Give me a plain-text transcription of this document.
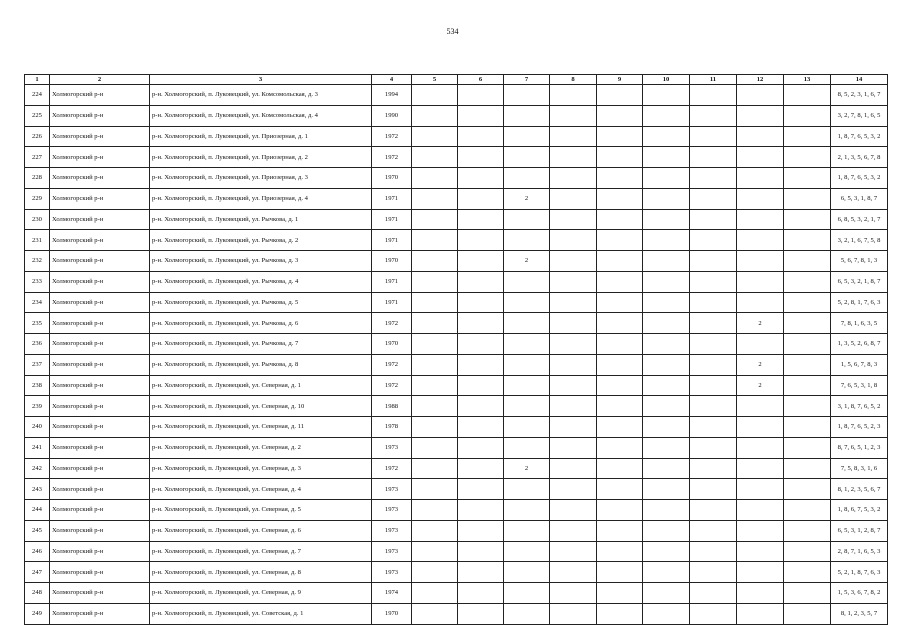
534
1	2	3	4	5	6	7	8	9	10	11	12	13	14
224	Холмогорский р-н	р-н. Холмогорский, п. Луковецкий, ул. Комсомольская, д. 3	1994										8, 5, 2, 3, 1, 6, 7
225	Холмогорский р-н	р-н. Холмогорский, п. Луковецкий, ул. Комсомольская, д. 4	1990										3, 2, 7, 8, 1, 6, 5
226	Холмогорский р-н	р-н. Холмогорский, п. Луковецкий, ул. Приозерная, д. 1	1972										1, 8, 7, 6, 5, 3, 2
227	Холмогорский р-н	р-н. Холмогорский, п. Луковецкий, ул. Приозерная, д. 2	1972										2, 1, 3, 5, 6, 7, 8
228	Холмогорский р-н	р-н. Холмогорский, п. Луковецкий, ул. Приозерная, д. 3	1970										1, 8, 7, 6, 5, 3, 2
229	Холмогорский р-н	р-н. Холмогорский, п. Луковецкий, ул. Приозерная, д. 4	1971			2							6, 5, 3, 1, 8, 7
230	Холмогорский р-н	р-н. Холмогорский, п. Луковецкий, ул. Рычкова, д. 1	1971										6, 8, 5, 3, 2, 1, 7
231	Холмогорский р-н	р-н. Холмогорский, п. Луковецкий, ул. Рычкова, д. 2	1971										3, 2, 1, 6, 7, 5, 8
232	Холмогорский р-н	р-н. Холмогорский, п. Луковецкий, ул. Рычкова, д. 3	1970			2							5, 6, 7, 8, 1, 3
233	Холмогорский р-н	р-н. Холмогорский, п. Луковецкий, ул. Рычкова, д. 4	1971										6, 5, 3, 2, 1, 8, 7
234	Холмогорский р-н	р-н. Холмогорский, п. Луковецкий, ул. Рычкова, д. 5	1971										5, 2, 8, 1, 7, 6, 3
235	Холмогорский р-н	р-н. Холмогорский, п. Луковецкий, ул. Рычкова, д. 6	1972								2		7, 8, 1, 6, 3, 5
236	Холмогорский р-н	р-н. Холмогорский, п. Луковецкий, ул. Рычкова, д. 7	1970										1, 3, 5, 2, 6, 8, 7
237	Холмогорский р-н	р-н. Холмогорский, п. Луковецкий, ул. Рычкова, д. 8	1972								2		1, 5, 6, 7, 8, 3
238	Холмогорский р-н	р-н. Холмогорский, п. Луковецкий, ул. Северная, д. 1	1972								2		7, 6, 5, 3, 1, 8
239	Холмогорский р-н	р-н. Холмогорский, п. Луковецкий, ул. Северная, д. 10	1988										3, 1, 8, 7, 6, 5, 2
240	Холмогорский р-н	р-н. Холмогорский, п. Луковецкий, ул. Северная, д. 11	1978										1, 8, 7, 6, 5, 2, 3
241	Холмогорский р-н	р-н. Холмогорский, п. Луковецкий, ул. Северная, д. 2	1973										8, 7, 6, 5, 1, 2, 3
242	Холмогорский р-н	р-н. Холмогорский, п. Луковецкий, ул. Северная, д. 3	1972			2							7, 5, 8, 3, 1, 6
243	Холмогорский р-н	р-н. Холмогорский, п. Луковецкий, ул. Северная, д. 4	1973										8, 1, 2, 3, 5, 6, 7
244	Холмогорский р-н	р-н. Холмогорский, п. Луковецкий, ул. Северная, д. 5	1973										1, 8, 6, 7, 5, 3, 2
245	Холмогорский р-н	р-н. Холмогорский, п. Луковецкий, ул. Северная, д. 6	1973										6, 5, 3, 1, 2, 8, 7
246	Холмогорский р-н	р-н. Холмогорский, п. Луковецкий, ул. Северная, д. 7	1973										2, 8, 7, 1, 6, 5, 3
247	Холмогорский р-н	р-н. Холмогорский, п. Луковецкий, ул. Северная, д. 8	1973										5, 2, 1, 8, 7, 6, 3
248	Холмогорский р-н	р-н. Холмогорский, п. Луковецкий, ул. Северная, д. 9	1974										1, 5, 3, 6, 7, 8, 2
249	Холмогорский р-н	р-н. Холмогорский, п. Луковецкий, ул. Советская, д. 1	1970										8, 1, 2, 3, 5, 7
